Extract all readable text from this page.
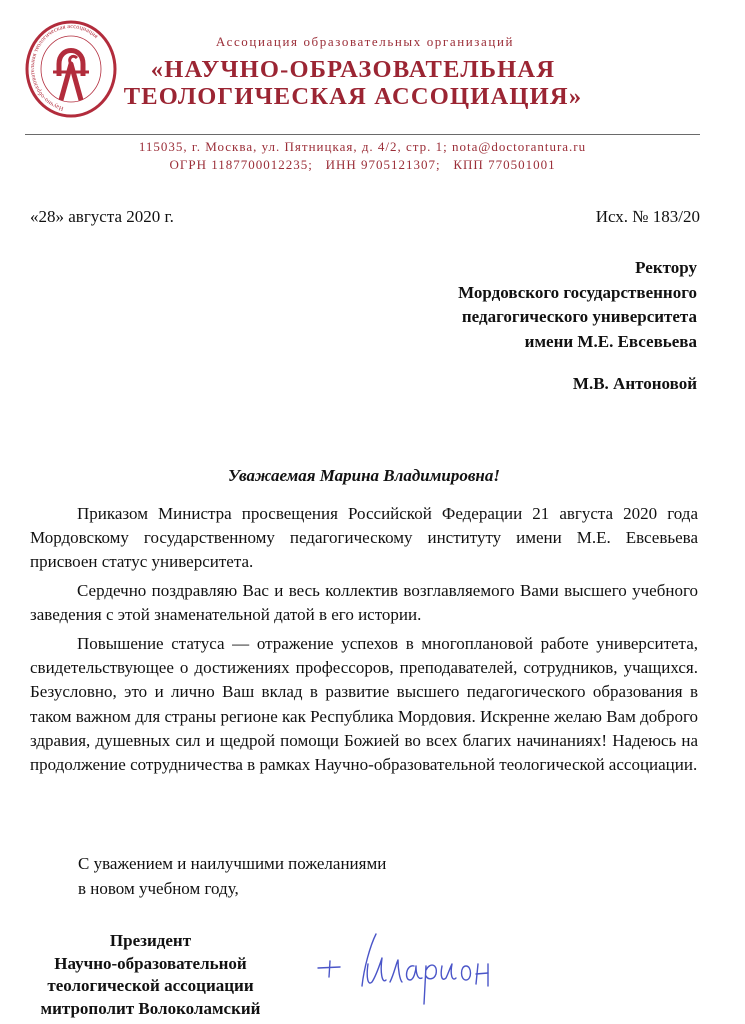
Научно-образовательная теологическая ассоциация	Ассоциация образовательных организаций
«НАУЧНО-ОБРАЗОВАТЕЛЬНАЯ
ТЕОЛОГИЧЕСКАЯ АССОЦИАЦИЯ»
115035, г. Москва, ул. Пятницкая, д. 4/2, стр. 1; nota@doctorantura.ru
ОГРН 1187700012235;   ИНН 9705121307;   КПП 770501001
«28» августа 2020 г.	Исх. № 183/20
Ректору
Мордовского государственного
педагогического университета
имени М.Е. Евсевьева
М.В. Антоновой
Уважаемая Марина Владимировна!

Приказом Министра просвещения Российской Федерации 21 августа 2020 года Мордовскому государственному педагогическому институту имени М.Е. Евсевьева присвоен статус университета.

Сердечно поздравляю Вас и весь коллектив возглавляемого Вами высшего учебного заведения с этой знаменательной датой в его истории.

Повышение статуса — отражение успехов в многоплановой работе университета, свидетельствующее о достижениях профессоров, преподавателей, сотрудников, учащихся. Безусловно, это и лично Ваш вклад в развитие высшего педагогического образования в таком важном для страны регионе как Республика Мордовия. Искренне желаю Вам доброго здравия, душевных сил и щедрой помощи Божией во всех благих начинаниях! Надеюсь на продолжение сотрудничества в рамках Научно-образовательной теологической ассоциации.

С уважением и наилучшими пожеланиями
в новом учебном году,
Президент
Научно-образовательной
теологической ассоциации
митрополит Волоколамский
